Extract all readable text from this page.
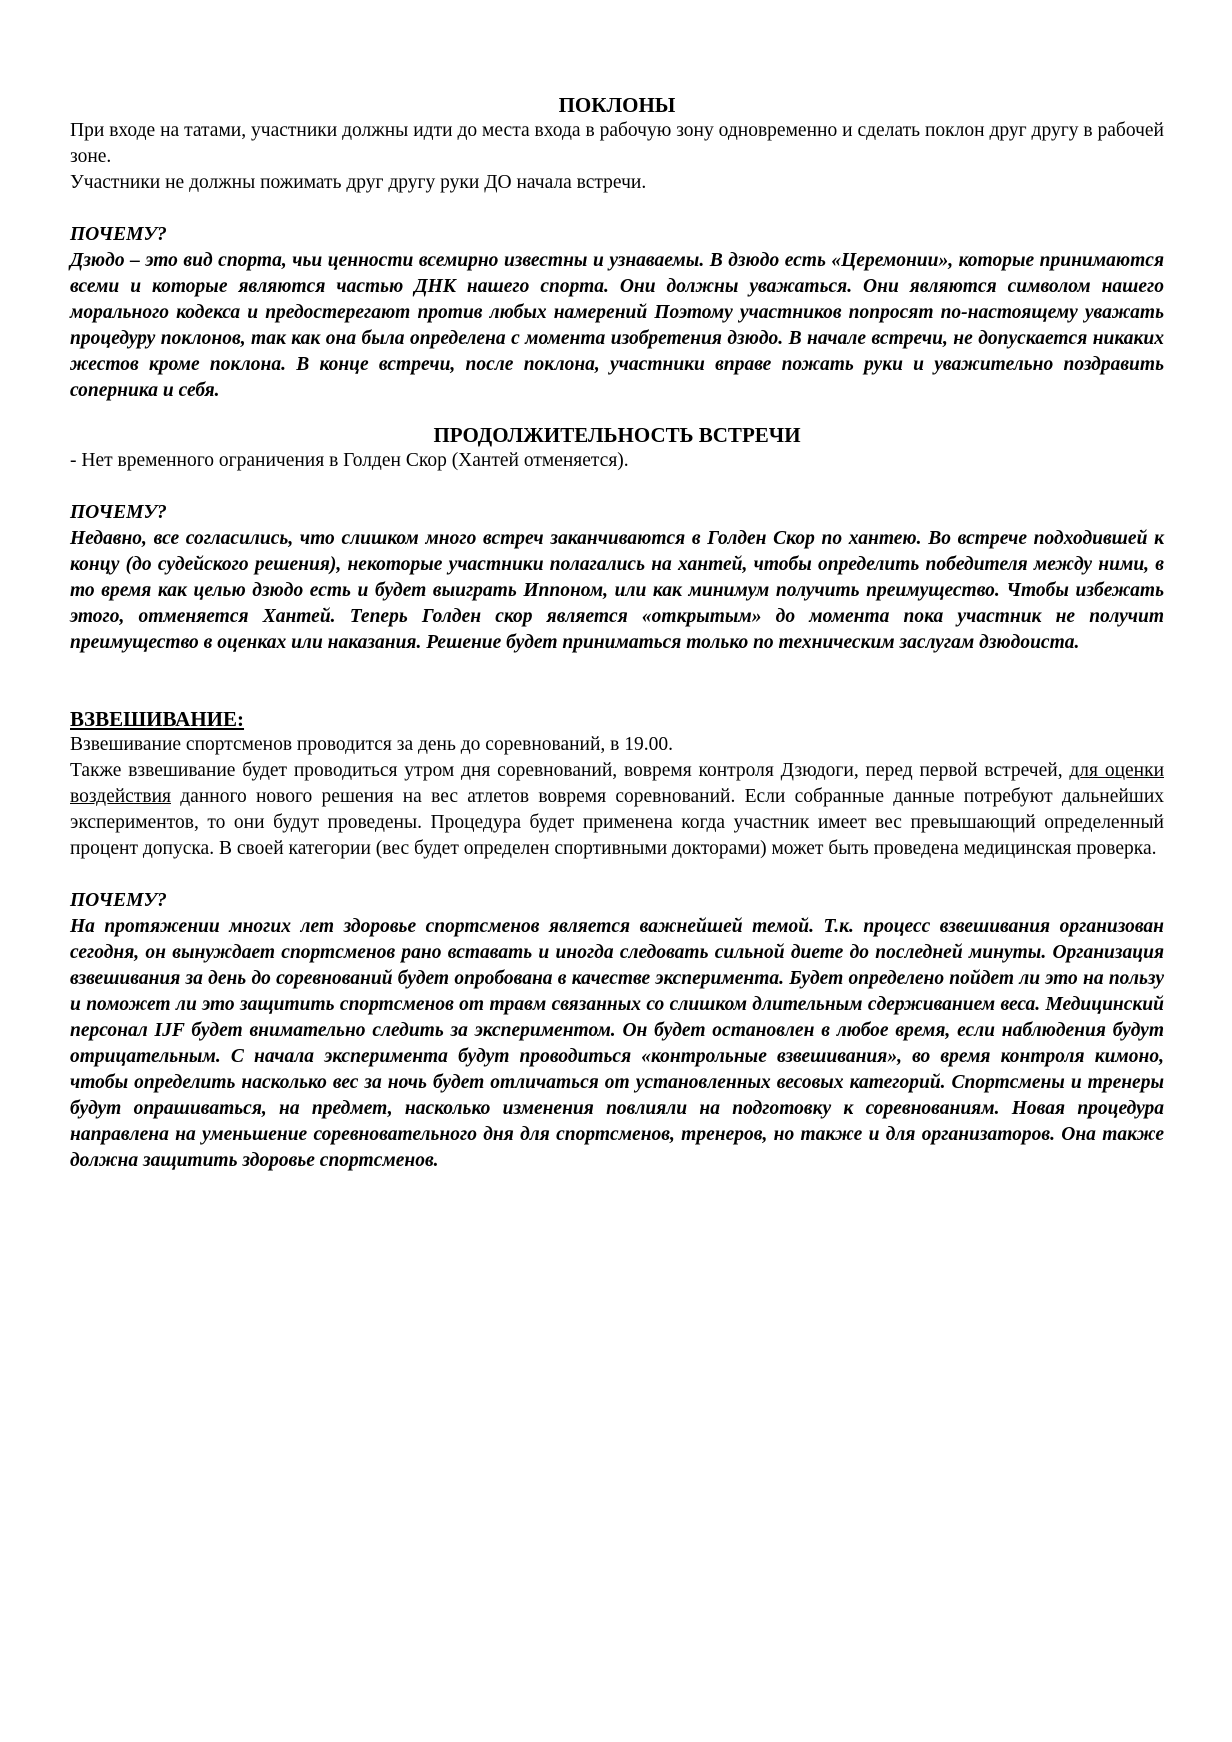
ПОКЛОНЫ

При входе на татами, участники должны идти до места входа в рабочую зону одновременно и сделать поклон друг другу в рабочей зоне.

Участники не должны пожимать друг другу руки ДО начала встречи.

ПОЧЕМУ?

Дзюдо – это вид спорта, чьи ценности всемирно известны и узнаваемы. В дзюдо есть «Церемонии», которые принимаются всеми и которые являются частью ДНК нашего спорта. Они должны уважаться. Они являются символом нашего морального кодекса и предостерегают против любых намерений Поэтому участников попросят по-настоящему уважать процедуру поклонов, так как она была определена с момента изобретения дзюдо. В начале встречи, не допускается никаких жестов кроме поклона. В конце встречи, после поклона, участники вправе пожать руки и уважительно поздравить соперника и себя.

ПРОДОЛЖИТЕЛЬНОСТЬ ВСТРЕЧИ

- Нет временного ограничения в Голден Скор (Хантей отменяется).

ПОЧЕМУ?

Недавно, все согласились, что слишком много встреч заканчиваются в Голден Скор по хантею. Во встрече подходившей к концу (до судейского решения), некоторые участники полагались на хантей, чтобы определить победителя между ними, в то время как целью дзюдо есть и будет выиграть Иппоном, или как минимум получить преимущество. Чтобы избежать этого, отменяется Хантей. Теперь Голден скор является «открытым» до момента пока участник не получит преимущество в оценках или наказания. Решение будет приниматься только по техническим заслугам дзюдоиста.

ВЗВЕШИВАНИЕ:

Взвешивание спортсменов проводится за день до соревнований, в 19.00.

Также взвешивание будет проводиться утром дня соревнований, вовремя контроля Дзюдоги, перед первой встречей, для оценки воздействия данного нового решения на вес атлетов вовремя соревнований. Если собранные данные потребуют дальнейших экспериментов, то они будут проведены. Процедура будет применена когда участник имеет вес превышающий определенный процент допуска. В своей категории (вес будет определен спортивными докторами) может быть проведена медицинская проверка.

ПОЧЕМУ?

На протяжении многих лет здоровье спортсменов является важнейшей темой. Т.к. процесс взвешивания организован сегодня, он вынуждает спортсменов рано вставать и иногда следовать сильной диете до последней минуты. Организация взвешивания за день до соревнований будет опробована в качестве эксперимента. Будет определено пойдет ли это на пользу и поможет ли это защитить спортсменов от травм связанных со слишком длительным сдерживанием веса. Медицинский персонал IJF будет внимательно следить за экспериментом. Он будет остановлен в любое время, если наблюдения будут отрицательным. С начала эксперимента будут проводиться «контрольные взвешивания», во время контроля кимоно, чтобы определить насколько вес за ночь будет отличаться от установленных весовых категорий. Спортсмены и тренеры будут опрашиваться, на предмет, насколько изменения повлияли на подготовку к соревнованиям. Новая процедура направлена на уменьшение соревновательного дня для спортсменов, тренеров, но также и для организаторов. Она также должна защитить здоровье спортсменов.
